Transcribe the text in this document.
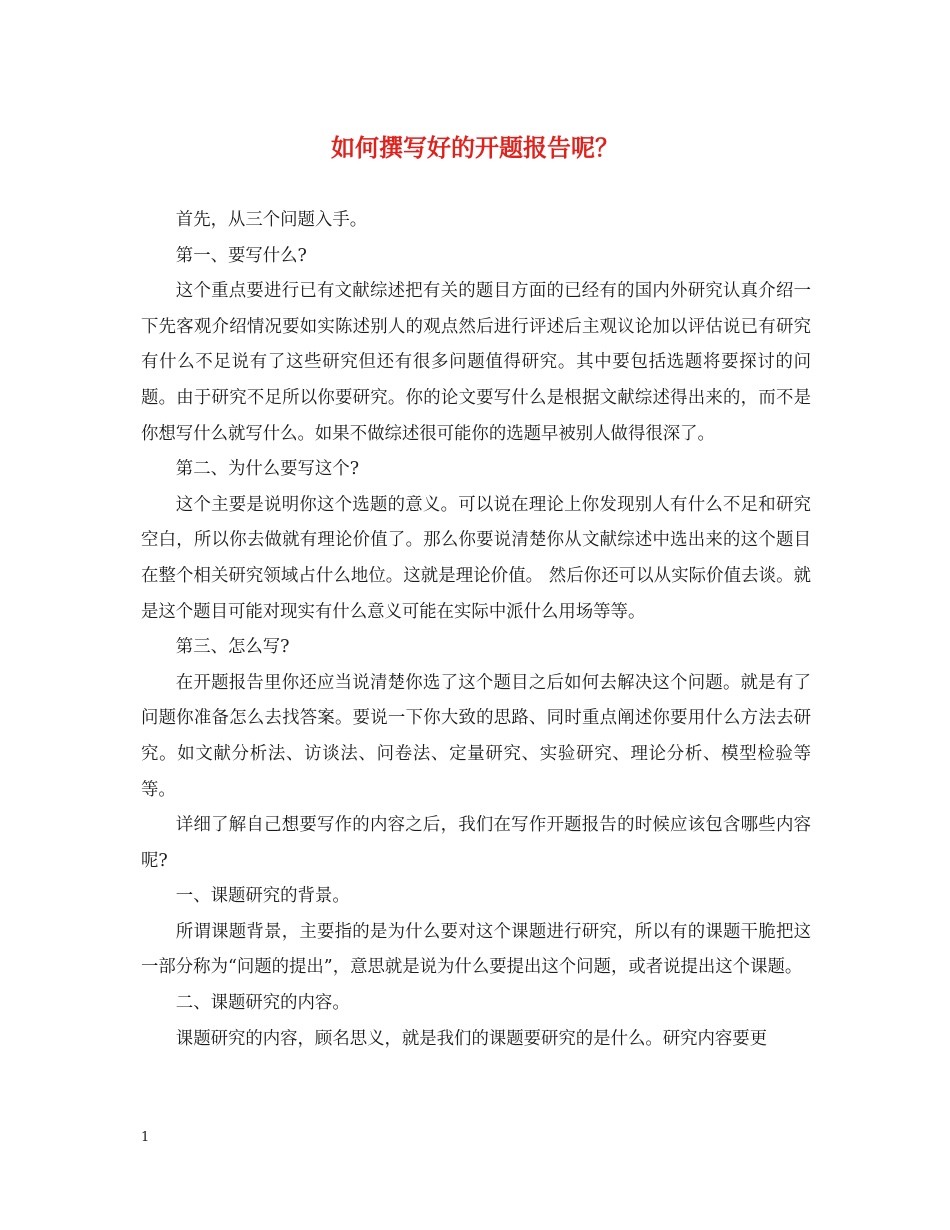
如何撰写好的开题报告呢？

首先，从三个问题入手。

第一、要写什么?

这个重点要进行已有文献综述把有关的题目方面的已经有的国内外研究认真介绍一下先客观介绍情况要如实陈述别人的观点然后进行评述后主观议论加以评估说已有研究有什么不足说有了这些研究但还有很多问题值得研究。其中要包括选题将要探讨的问题。由于研究不足所以你要研究。你的论文要写什么是根据文献综述得出来的，而不是你想写什么就写什么。如果不做综述很可能你的选题早被别人做得很深了。

第二、为什么要写这个?

这个主要是说明你这个选题的意义。可以说在理论上你发现别人有什么不足和研究空白，所以你去做就有理论价值了。那么你要说清楚你从文献综述中选出来的这个题目在整个相关研究领域占什么地位。这就是理论价值。 然后你还可以从实际价值去谈。就是这个题目可能对现实有什么意义可能在实际中派什么用场等等。

第三、怎么写?

在开题报告里你还应当说清楚你选了这个题目之后如何去解决这个问题。就是有了问题你准备怎么去找答案。要说一下你大致的思路、同时重点阐述你要用什么方法去研究。如文献分析法、访谈法、问卷法、定量研究、实验研究、理论分析、模型检验等等。

详细了解自己想要写作的内容之后，我们在写作开题报告的时候应该包含哪些内容呢?

一、课题研究的背景。

所谓课题背景，主要指的是为什么要对这个课题进行研究，所以有的课题干脆把这一部分称为“问题的提出”，意思就是说为什么要提出这个问题，或者说提出这个课题。

二、课题研究的内容。

课题研究的内容，顾名思义，就是我们的课题要研究的是什么。研究内容要更

1
